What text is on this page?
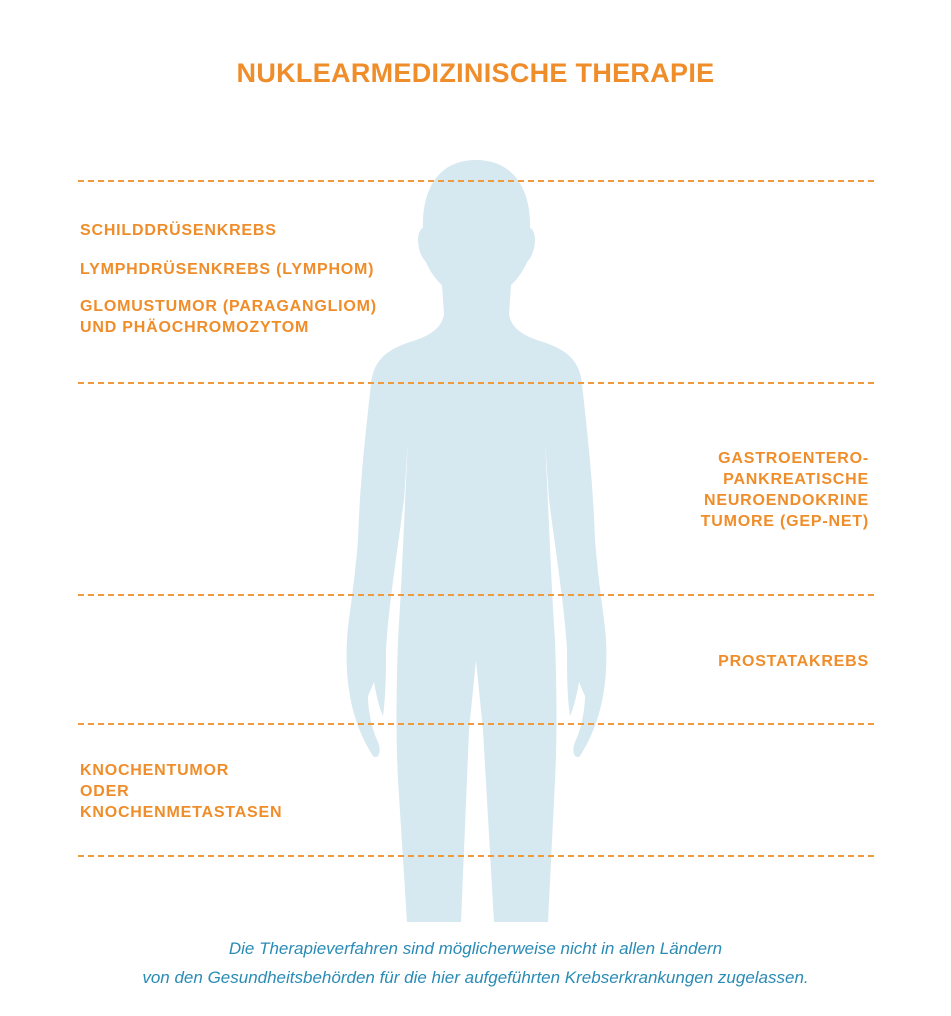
NUKLEARMEDIZINISCHE THERAPIE
SCHILDDRÜSENKREBS
LYMPHDRÜSENKREBS (LYMPHOM)
GLOMUSTUMOR (PARAGANGLIOM)
UND PHÄOCHROMOZYTOM
GASTROENTERO-
PANKREATISCHE
NEUROENDOKRINE
TUMORE (GEP-NET)
PROSTATAKREBS
KNOCHENTUMOR
ODER
KNOCHENMETASTASEN
Die Therapieverfahren sind möglicherweise nicht in allen Ländern
von den Gesundheitsbehörden für die hier aufgeführten Krebserkrankungen zugelassen.
